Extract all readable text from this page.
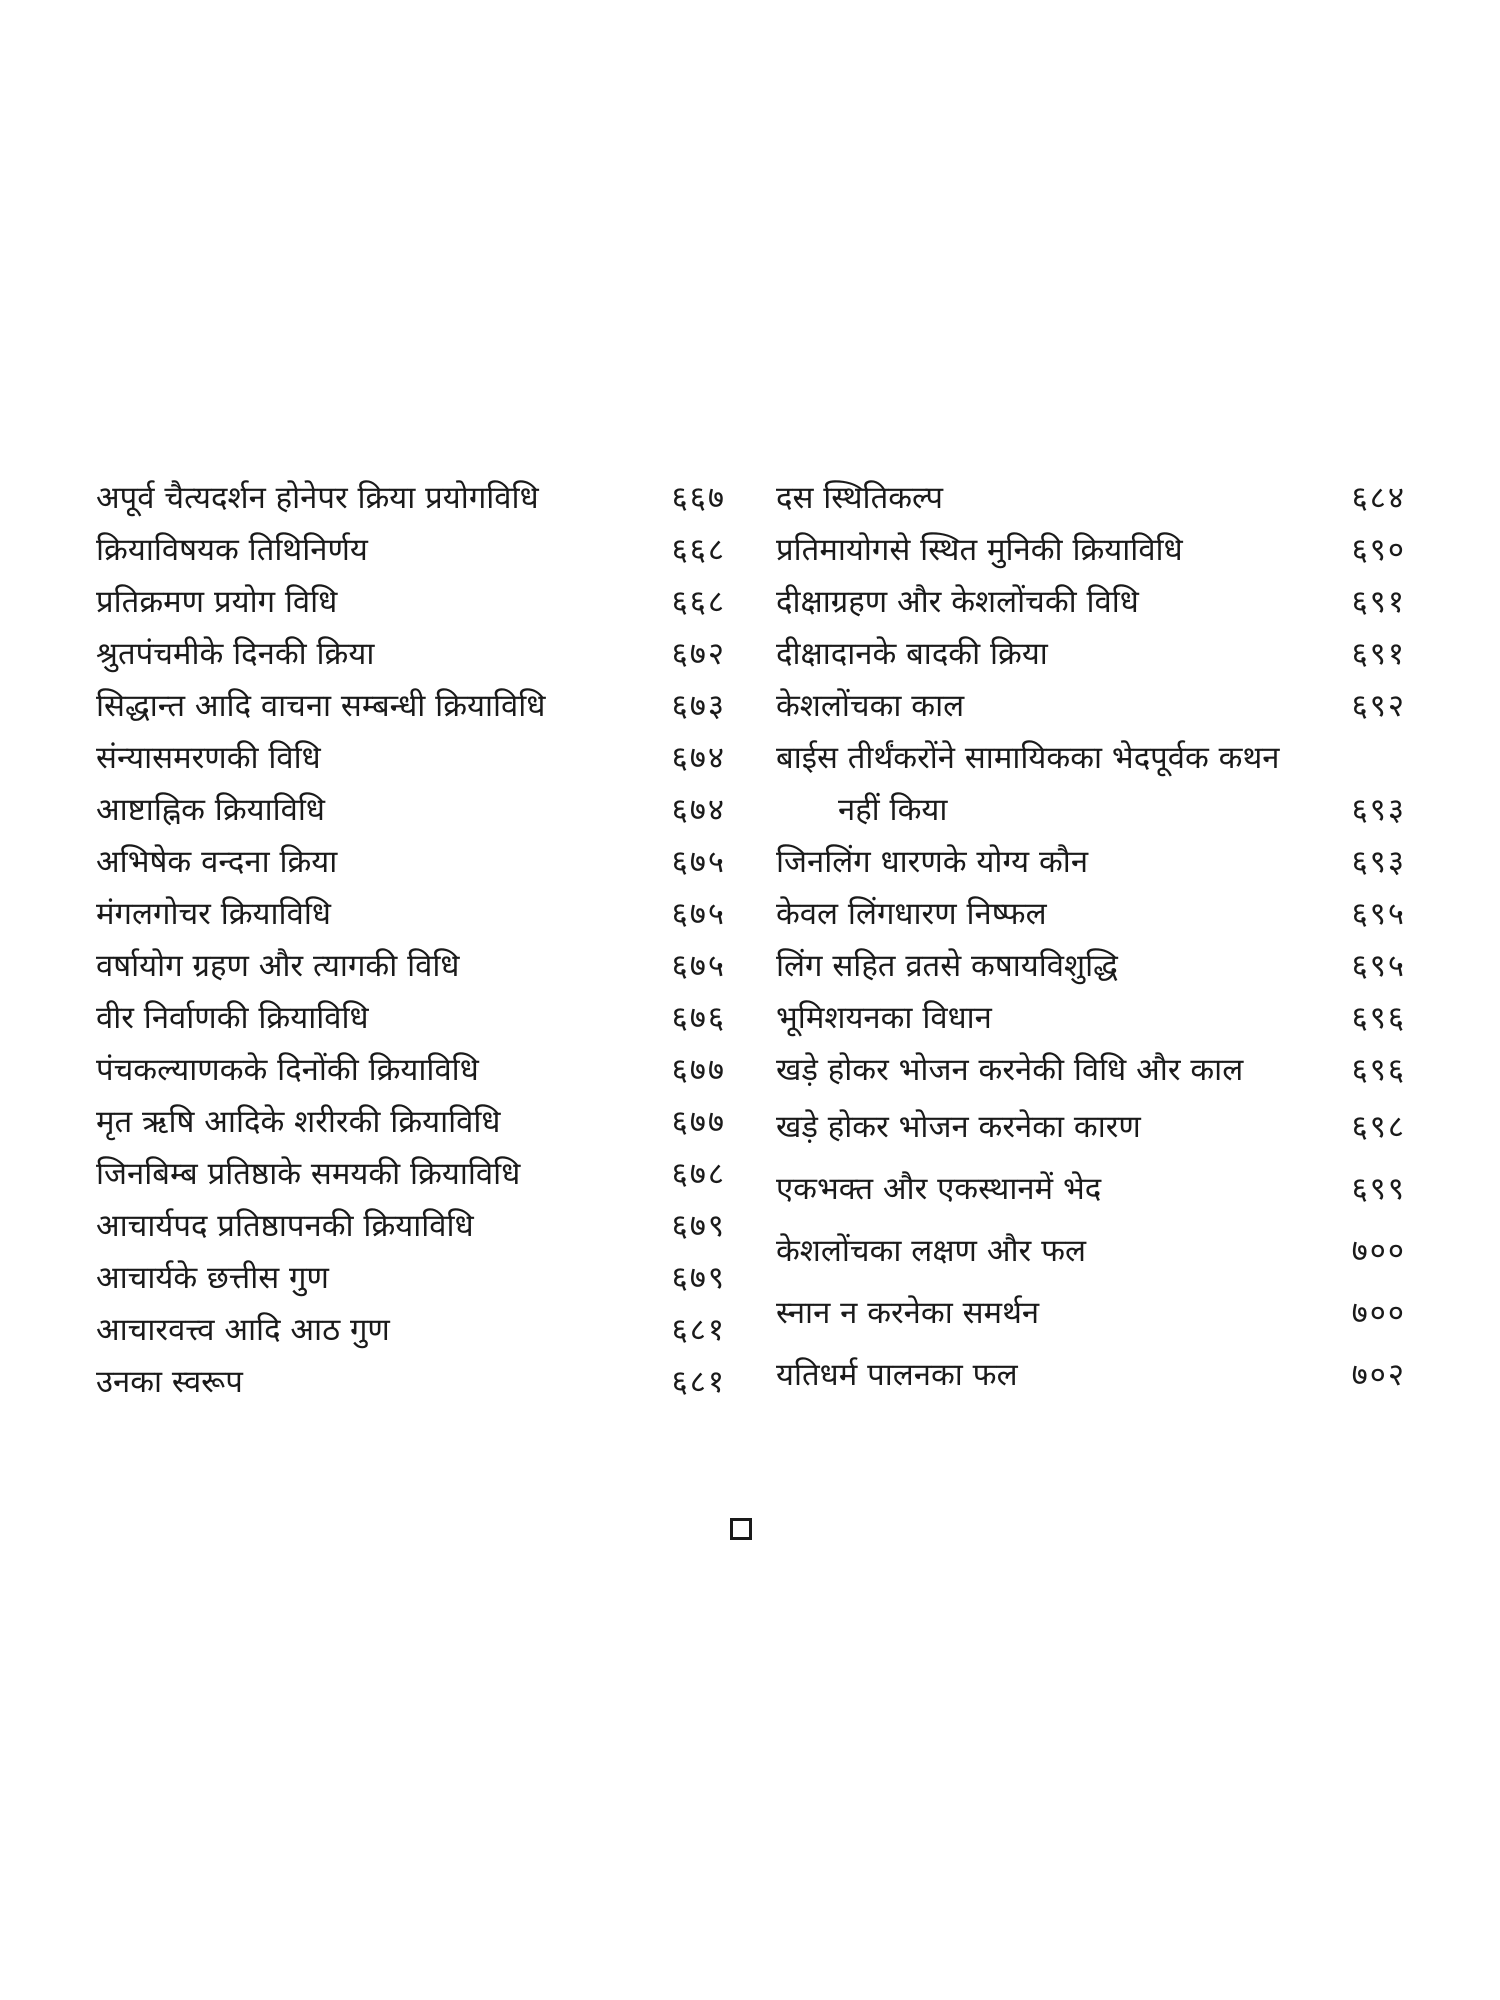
अपूर्व चैत्यदर्शन होनेपर क्रिया प्रयोगविधि	६६७
क्रियाविषयक तिथिनिर्णय	६६८
प्रतिक्रमण प्रयोग विधि	६६८
श्रुतपंचमीके दिनकी क्रिया	६७२
सिद्धान्त आदि वाचना सम्बन्धी क्रियाविधि	६७३
संन्यासमरणकी विधि	६७४
आष्टाह्निक क्रियाविधि	६७४
अभिषेक वन्दना क्रिया	६७५
मंगलगोचर क्रियाविधि	६७५
वर्षायोग ग्रहण और त्यागकी विधि	६७५
वीर निर्वाणकी क्रियाविधि	६७६
पंचकल्याणकके दिनोंकी क्रियाविधि	६७७
मृत ऋषि आदिके शरीरकी क्रियाविधि	६७७
जिनबिम्ब प्रतिष्ठाके समयकी क्रियाविधि	६७८
आचार्यपद प्रतिष्ठापनकी क्रियाविधि	६७९
आचार्यके छत्तीस गुण	६७९
आचारवत्त्व आदि आठ गुण	६८१
उनका स्वरूप	६८१
दस स्थितिकल्प	६८४
प्रतिमायोगसे स्थित मुनिकी क्रियाविधि	६९०
दीक्षाग्रहण और केशलोंचकी विधि	६९१
दीक्षादानके बादकी क्रिया	६९१
केशलोंचका काल	६९२
बाईस तीर्थंकरोंने सामायिकका भेदपूर्वक कथन
नहीं किया	६९३
जिनलिंग धारणके योग्य कौन	६९३
केवल लिंगधारण निष्फल	६९५
लिंग सहित व्रतसे कषायविशुद्धि	६९५
भूमिशयनका विधान	६९६
खड़े होकर भोजन करनेकी विधि और काल	६९६
खड़े होकर भोजन करनेका कारण	६९८
एकभक्त और एकस्थानमें भेद	६९९
केशलोंचका लक्षण और फल	७००
स्नान न करनेका समर्थन	७००
यतिधर्म पालनका फल	७०२
